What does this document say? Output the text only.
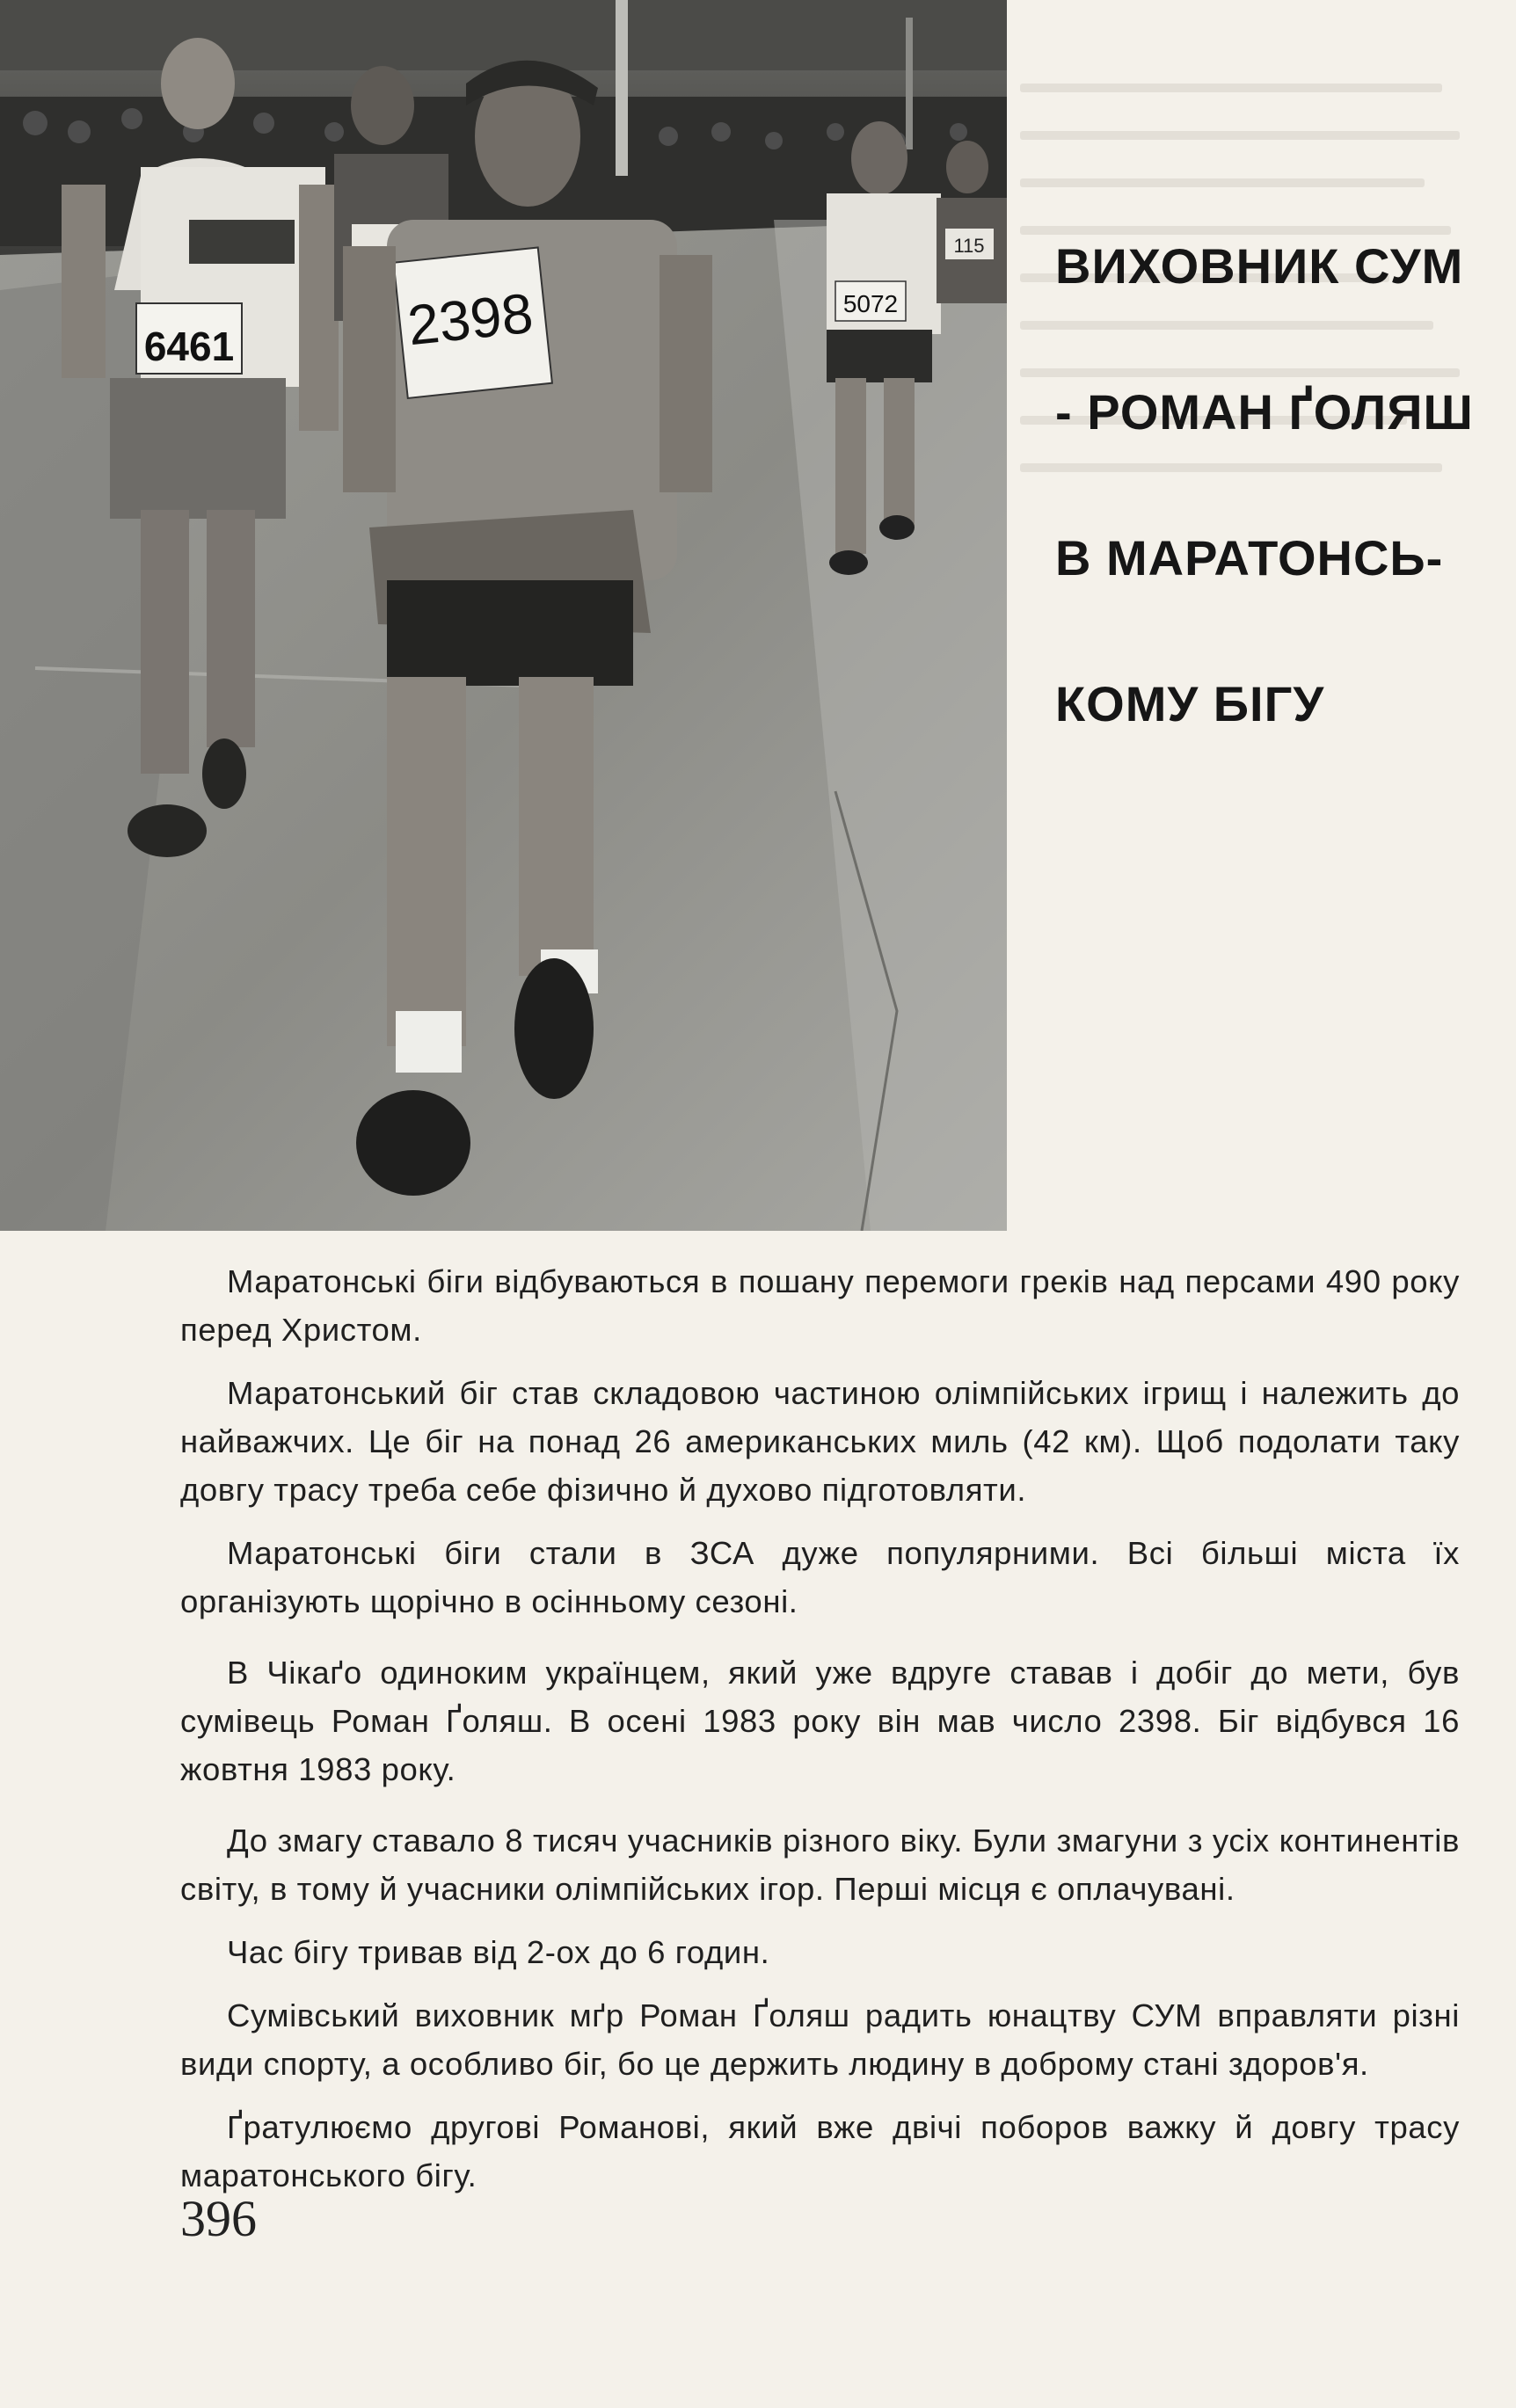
6461	2398	5072
115 ВИХОВНИК СУМ
- РОМАН ҐОЛЯШ
В МАРАТОНСЬ-
КОМУ БІГУ

Маратонські біги відбуваються в пошану перемоги греків над персами 490 року перед Христом.

Маратонський біг став складовою частиною олімпійських ігрищ і належить до найважчих. Це біг на понад 26 американських миль (42 км). Щоб подолати таку довгу трасу треба себе фізично й духово підготовляти.

Маратонські біги стали в ЗСА дуже популярними. Всі більші міста їх організують щорічно в осінньому сезоні.

В Чікаґо одиноким українцем, який уже вдруге ставав і добіг до мети, був сумівець Роман Ґоляш. В осені 1983 року він мав число 2398. Біг відбувся 16 жовтня 1983 року.

До змагу ставало 8 тисяч учасників різного віку. Були змагуни з усіх континентів світу, в тому й учасники олімпійських ігор. Перші місця є оплачувані.

Час бігу тривав від 2-ох до 6 годин.

Сумівський виховник мґр Роман Ґоляш радить юнацтву СУМ вправляти різні види спорту, а особливо біг, бо це держить людину в доброму стані здоров'я.

Ґратулюємо другові Романові, який вже двічі поборов важку й довгу трасу маратонського бігу.

396
